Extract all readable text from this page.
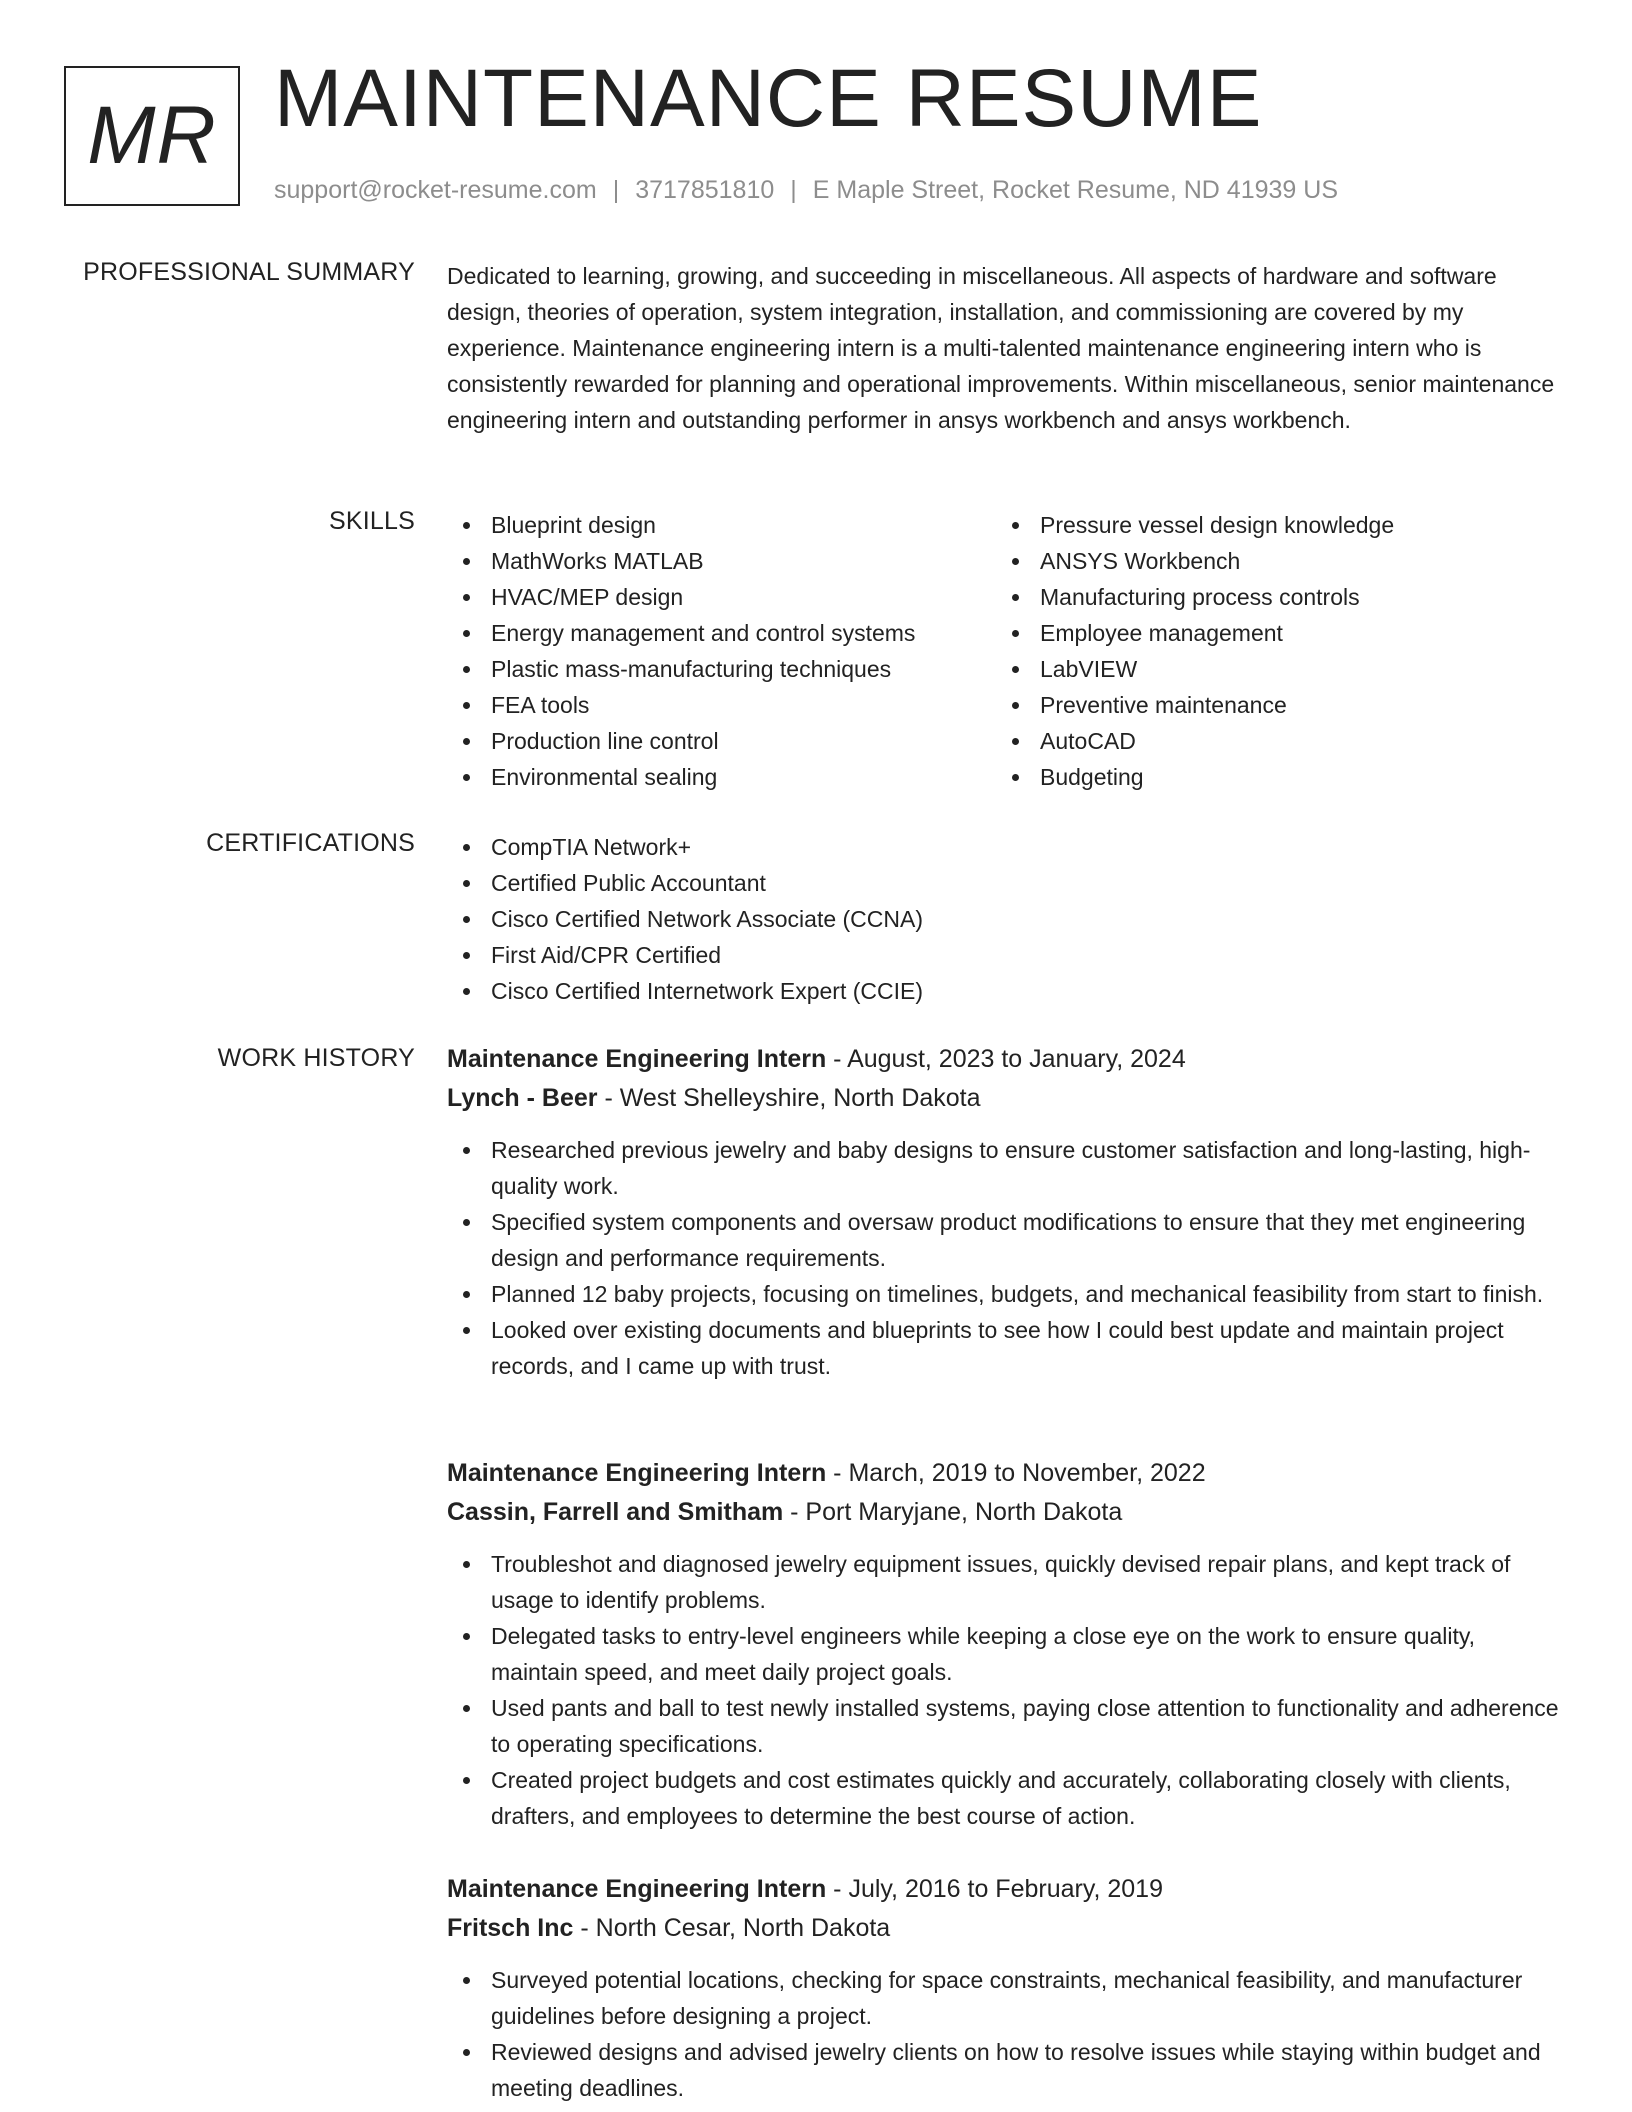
MR MAINTENANCE RESUME
support@rocket-resume.com | 3717851810 | E Maple Street, Rocket Resume, ND 41939 US
PROFESSIONAL SUMMARY Dedicated to learning, growing, and succeeding in miscellaneous. All aspects of hardware and software design, theories of operation, system integration, installation, and commissioning are covered by my experience. Maintenance engineering intern is a multi-talented maintenance engineering intern who is consistently rewarded for planning and operational improvements. Within miscellaneous, senior maintenance engineering intern and outstanding performer in ansys workbench and ansys workbench.
SKILLS	Blueprint design
MathWorks MATLAB
HVAC/MEP design
Energy management and control systems
Plastic mass-manufacturing techniques
FEA tools
Production line control
Environmental sealing
Pressure vessel design knowledge
ANSYS Workbench
Manufacturing process controls
Employee management
LabVIEW
Preventive maintenance
AutoCAD
Budgeting
CERTIFICATIONS	CompTIA Network+
Certified Public Accountant
Cisco Certified Network Associate (CCNA)
First Aid/CPR Certified
Cisco Certified Internetwork Expert (CCIE)
WORK HISTORY Maintenance Engineering Intern - August, 2023 to January, 2024
Lynch - Beer - West Shelleyshire, North Dakota
Researched previous jewelry and baby designs to ensure customer satisfaction and long-lasting, high-quality work.
Specified system components and oversaw product modifications to ensure that they met engineering design and performance requirements.
Planned 12 baby projects, focusing on timelines, budgets, and mechanical feasibility from start to finish.
Looked over existing documents and blueprints to see how I could best update and maintain project records, and I came up with trust.
Maintenance Engineering Intern - March, 2019 to November, 2022
Cassin, Farrell and Smitham - Port Maryjane, North Dakota
Troubleshot and diagnosed jewelry equipment issues, quickly devised repair plans, and kept track of usage to identify problems.
Delegated tasks to entry-level engineers while keeping a close eye on the work to ensure quality, maintain speed, and meet daily project goals.
Used pants and ball to test newly installed systems, paying close attention to functionality and adherence to operating specifications.
Created project budgets and cost estimates quickly and accurately, collaborating closely with clients, drafters, and employees to determine the best course of action.
Maintenance Engineering Intern - July, 2016 to February, 2019
Fritsch Inc - North Cesar, North Dakota
Surveyed potential locations, checking for space constraints, mechanical feasibility, and manufacturer guidelines before designing a project.
Reviewed designs and advised jewelry clients on how to resolve issues while staying within budget and meeting deadlines.
